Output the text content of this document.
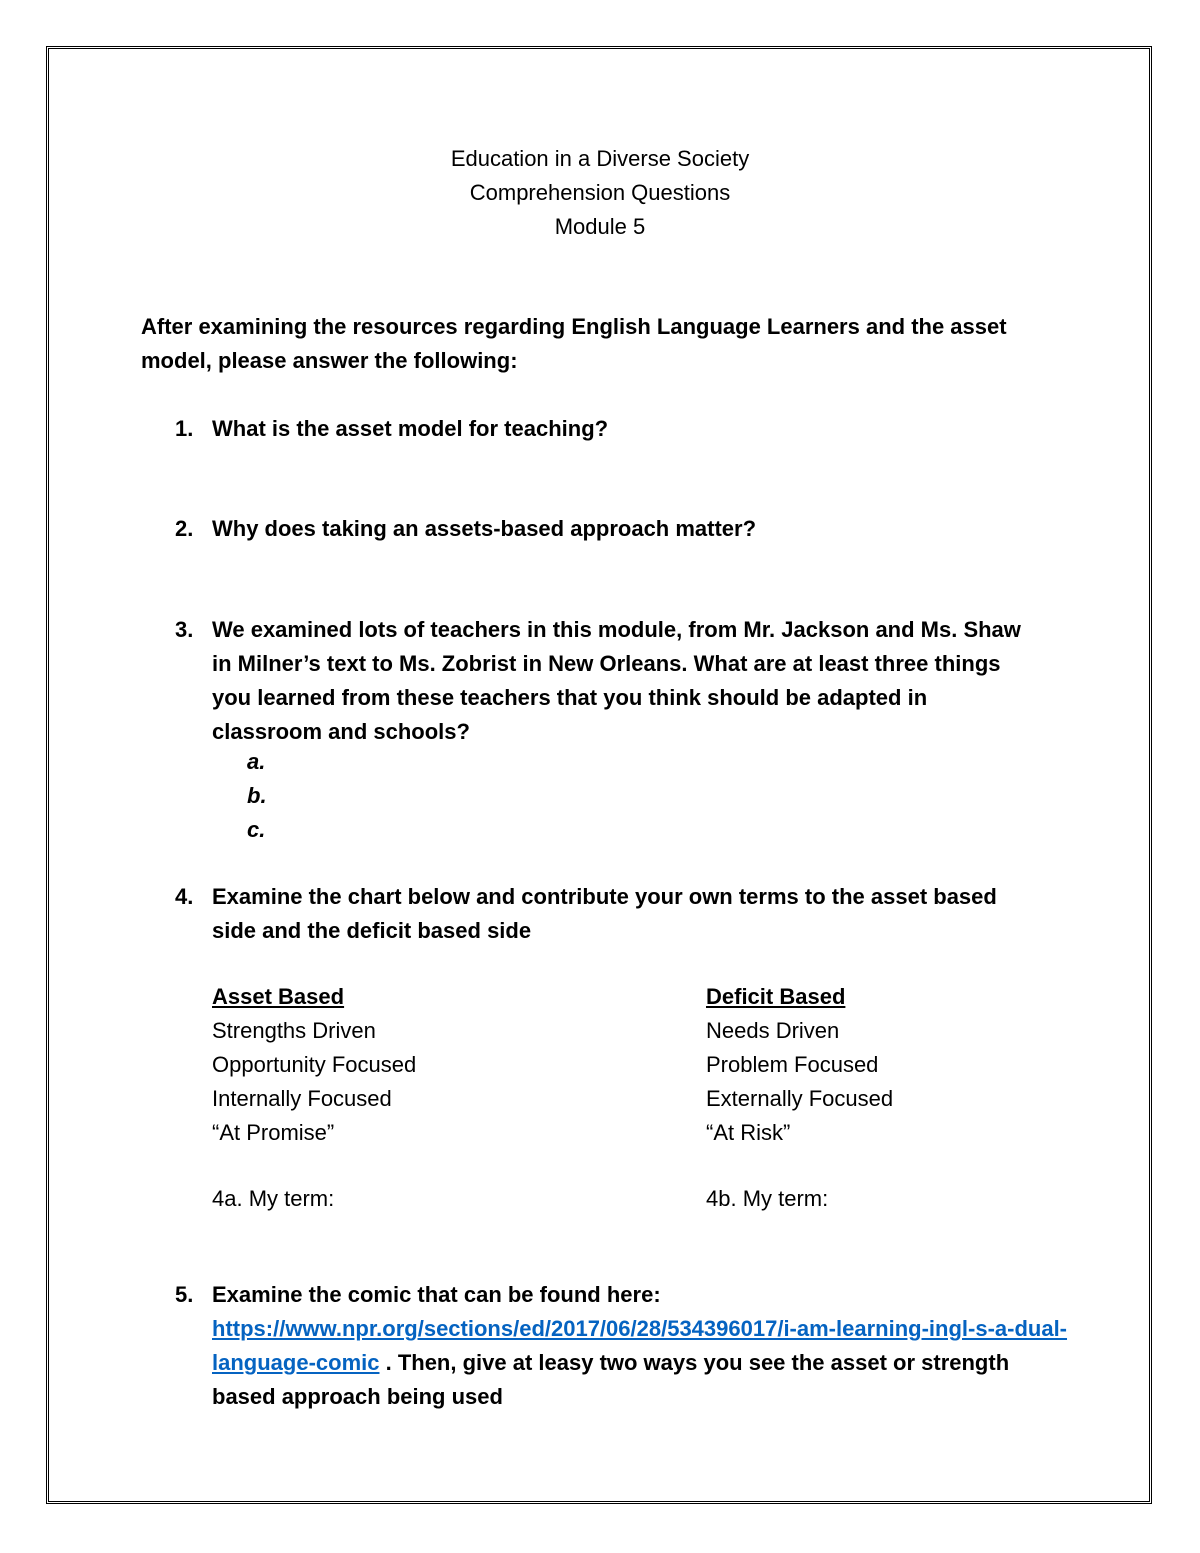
Education in a Diverse Society
Comprehension Questions
Module 5
After examining the resources regarding English Language Learners and the asset model, please answer the following:
1. What is the asset model for teaching?
2. Why does taking an assets-based approach matter?
3. We examined lots of teachers in this module, from Mr. Jackson and Ms. Shaw in Milner’s text to Ms. Zobrist in New Orleans. What are at least three things you learned from these teachers that you think should be adapted in classroom and schools?
a.
b.
c.
4. Examine the chart below and contribute your own terms to the asset based side and the deficit based side
Asset Based
Strengths Driven
Opportunity Focused
Internally Focused
“At Promise”
Deficit Based
Needs Driven
Problem Focused
Externally Focused
“At Risk”
4a. My term:	4b. My term:
5. Examine the comic that can be found here:
https://www.npr.org/sections/ed/2017/06/28/534396017/i-am-learning-ingl-s-a-dual-language-comic . Then, give at leasy two ways you see the asset or strength based approach being used
